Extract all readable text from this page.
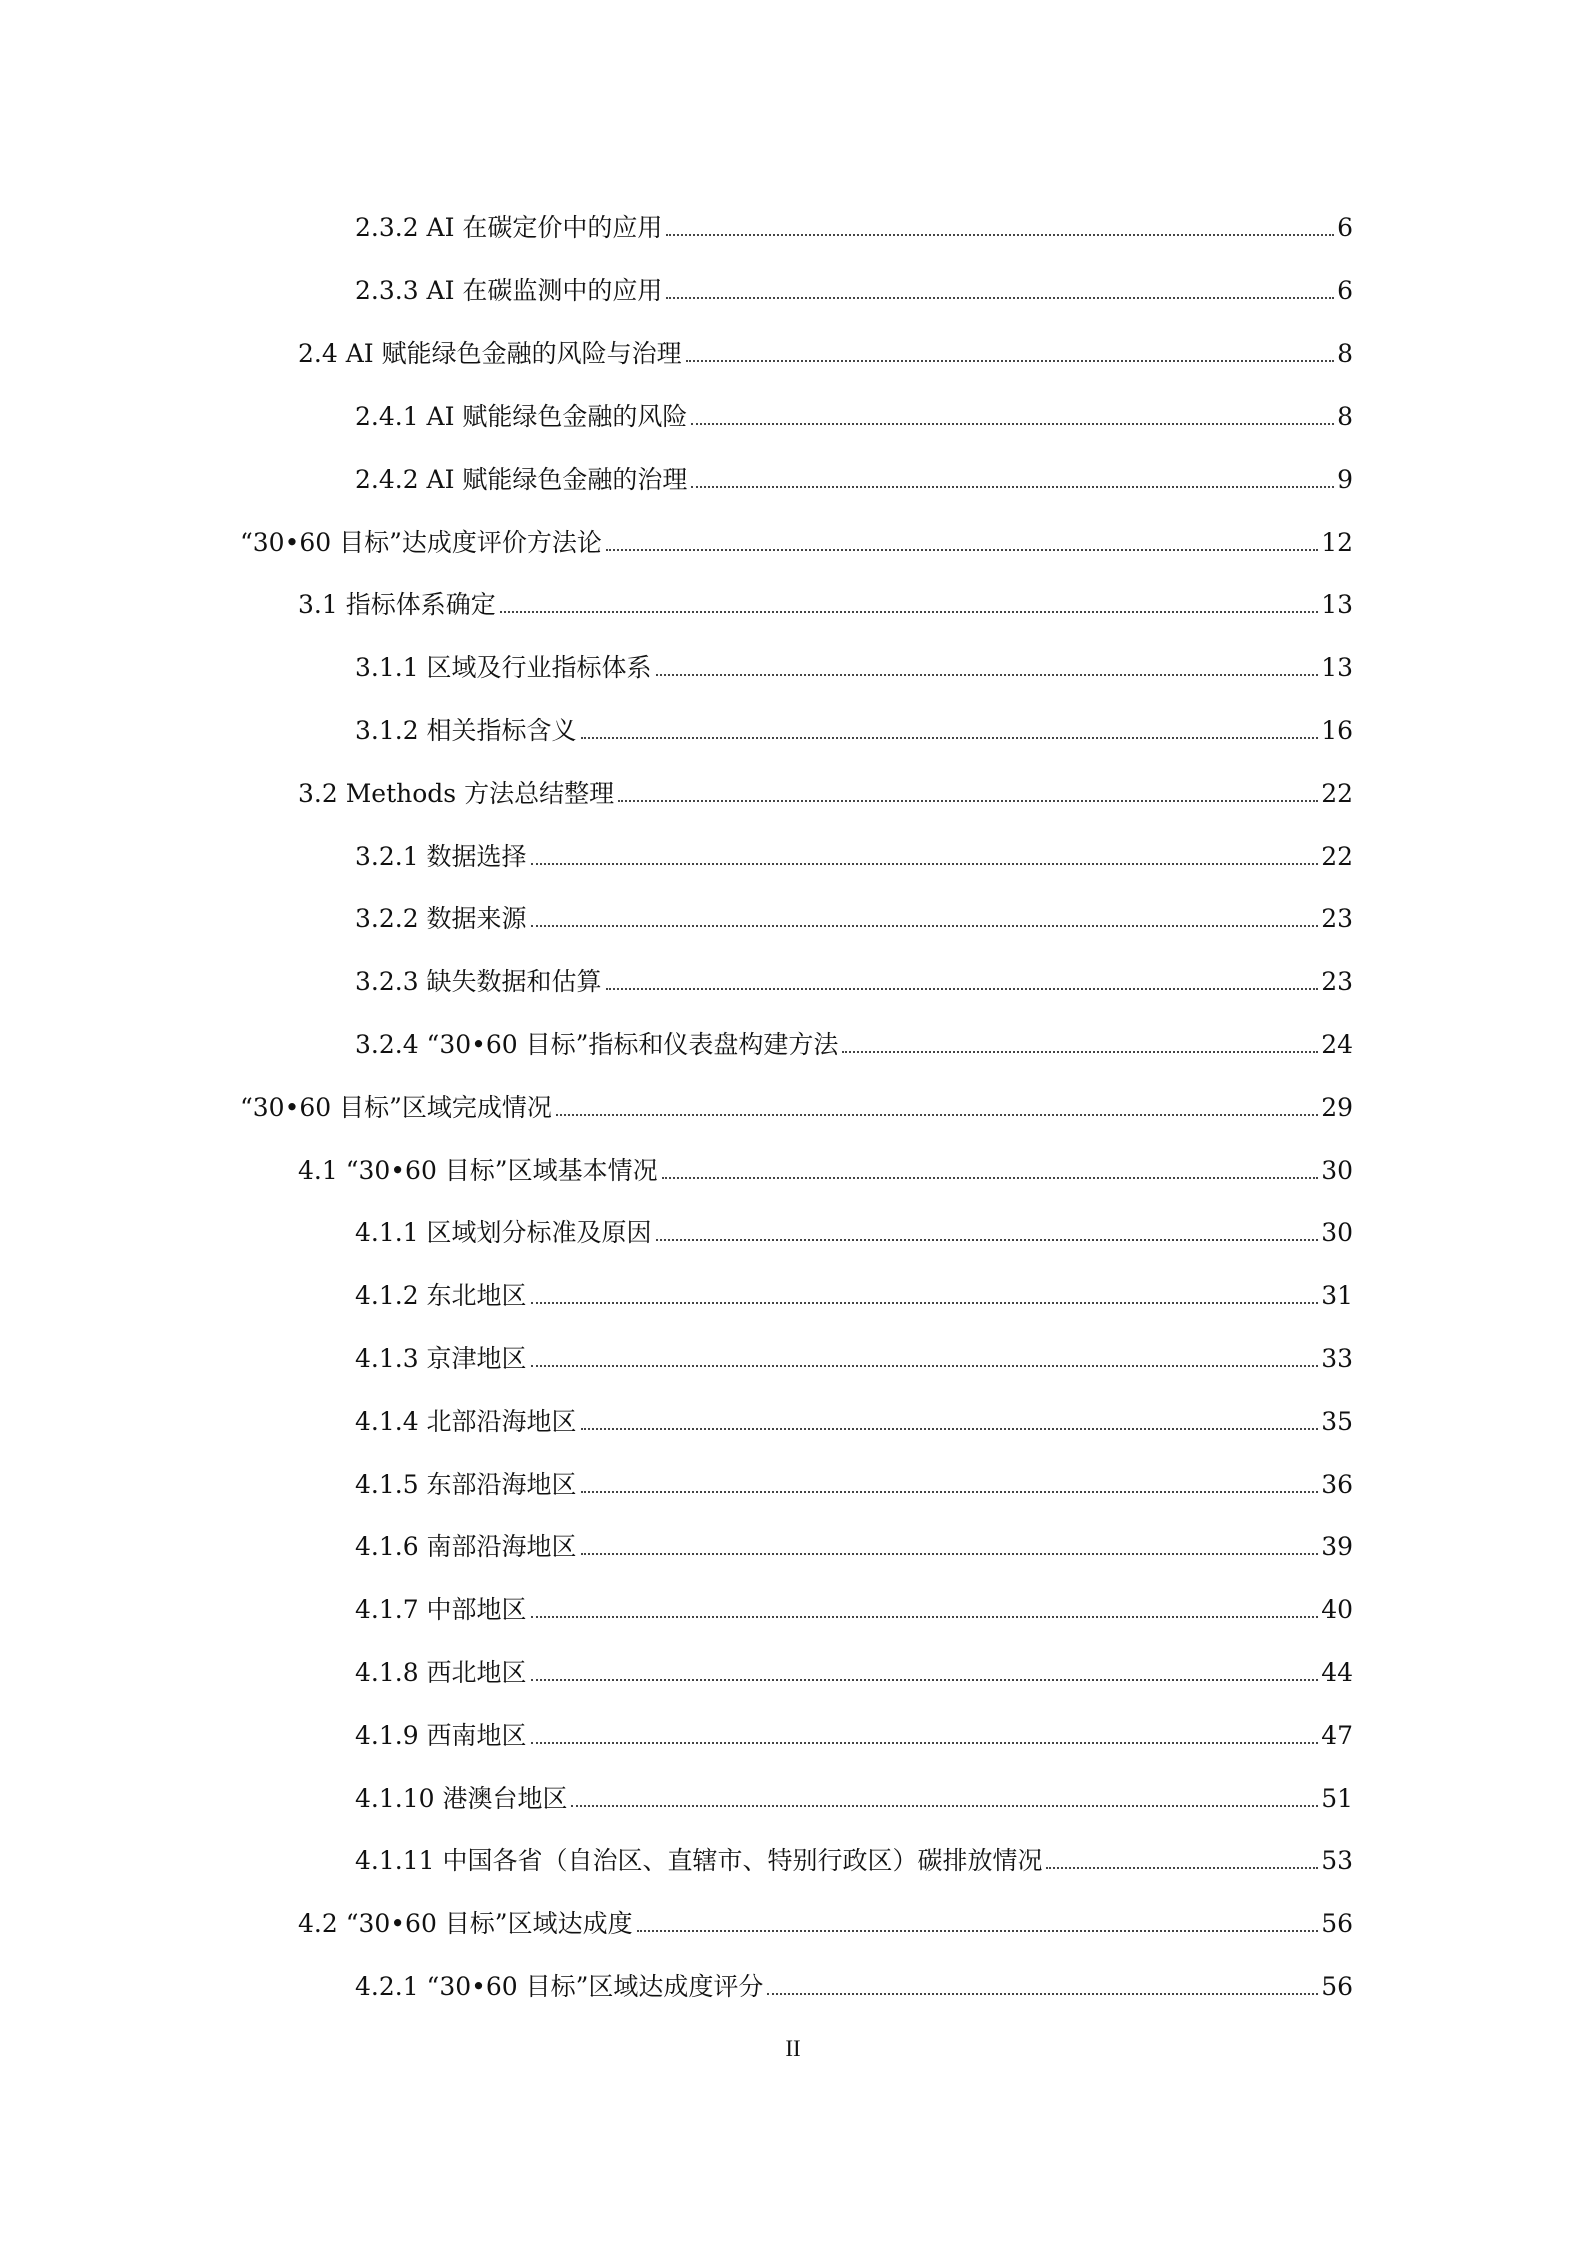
2.3.2 AI 在碳定价中的应用	6
2.3.3 AI 在碳监测中的应用	6
2.4 AI 赋能绿色金融的风险与治理	8
2.4.1 AI 赋能绿色金融的风险	8
2.4.2 AI 赋能绿色金融的治理	9
“30•60 目标”达成度评价方法论	12
3.1 指标体系确定	13
3.1.1 区域及行业指标体系	13
3.1.2 相关指标含义	16
3.2 Methods 方法总结整理	22
3.2.1 数据选择	22
3.2.2 数据来源	23
3.2.3 缺失数据和估算	23
3.2.4 “30•60 目标”指标和仪表盘构建方法	24
“30•60 目标”区域完成情况	29
4.1 “30•60 目标”区域基本情况	30
4.1.1 区域划分标准及原因	30
4.1.2 东北地区	31
4.1.3 京津地区	33
4.1.4 北部沿海地区	35
4.1.5 东部沿海地区	36
4.1.6 南部沿海地区	39
4.1.7 中部地区	40
4.1.8 西北地区	44
4.1.9 西南地区	47
4.1.10 港澳台地区	51
4.1.11 中国各省（自治区、直辖市、特别行政区）碳排放情况	53
4.2 “30•60 目标”区域达成度	56
4.2.1 “30•60 目标”区域达成度评分	56
II
